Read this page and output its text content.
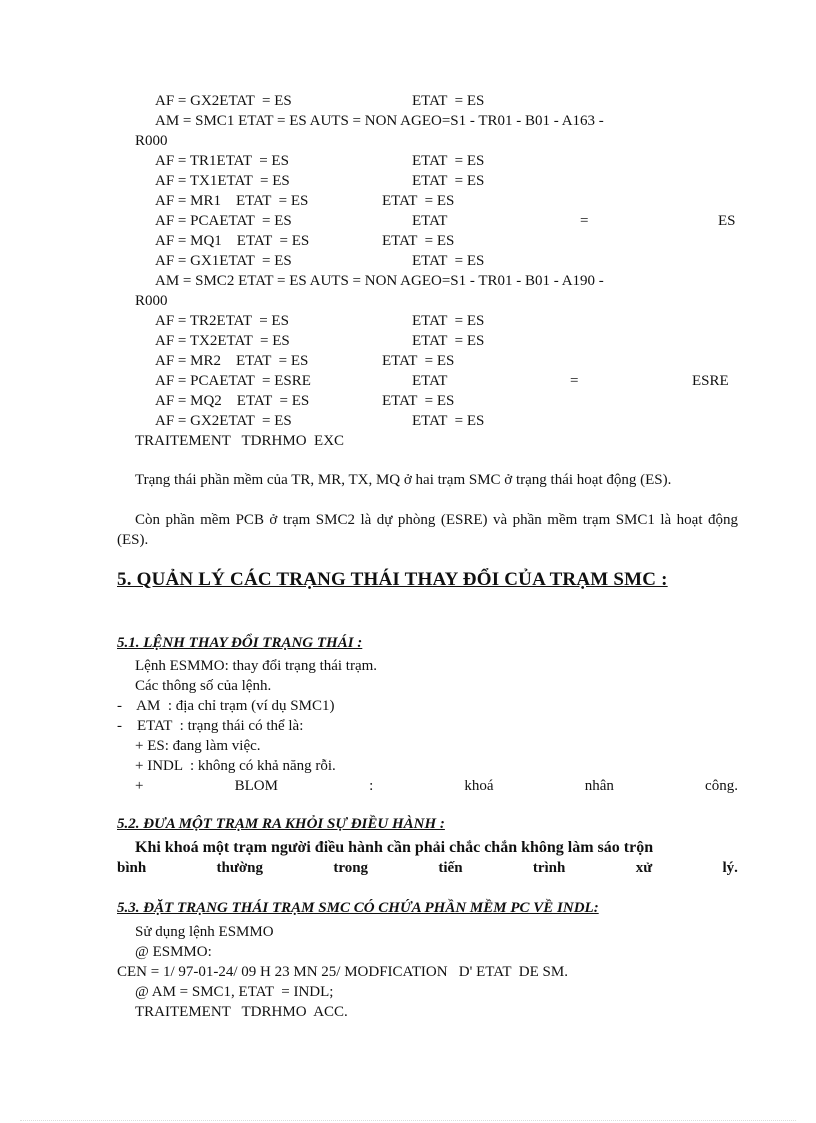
AF = GX2ETAT  = ES	ETAT  = ES
AM = SMC1 ETAT = ES AUTS = NON AGEO=S1 - TR01 - B01 - A163 -
R000
AF = TR1ETAT  = ES	ETAT  = ES
AF = TX1ETAT  = ES	ETAT  = ES
AF = MR1    ETAT  = ES	ETAT  = ES
AF = PCAETAT  = ES	ETAT	=	ES
AF = MQ1    ETAT  = ES	ETAT  = ES
AF = GX1ETAT  = ES	ETAT  = ES
AM = SMC2 ETAT = ES AUTS = NON AGEO=S1 - TR01 - B01 - A190 -
R000
AF = TR2ETAT  = ES	ETAT  = ES
AF = TX2ETAT  = ES	ETAT  = ES
AF = MR2    ETAT  = ES	ETAT  = ES
AF = PCAETAT  = ESRE	ETAT	=	ESRE
AF = MQ2    ETAT  = ES	ETAT  = ES
AF = GX2ETAT  = ES	ETAT  = ES
TRAITEMENT   TDRHMO  EXC
Trạng thái phần mềm của TR, MR, TX, MQ ở hai trạm SMC ở trạng thái hoạt động (ES).
Còn phần mềm PCB ở trạm SMC2 là dự phòng (ESRE) và phần mềm trạm SMC1 là hoạt động (ES).
5. QUẢN LÝ CÁC TRẠNG THÁI THAY ĐỔI CỦA TRẠM SMC :
5.1. LỆNH THAY ĐỔI TRẠNG THÁI :
Lệnh ESMMO: thay đổi trạng thái trạm.
Các thông số của lệnh.
-    AM  : địa chỉ trạm (ví dụ SMC1)
-    ETAT  : trạng thái có thể là:
+ ES: đang làm việc.
+ INDL  : không có khả năng rỗi.
+	BLOM	:	khoá	nhân	công.
5.2. ĐƯA MỘT TRẠM RA KHỎI SỰ ĐIỀU HÀNH :
Khi khoá một trạm người điều hành cần phải chắc chắn không làm sáo trộn
bình	thường	trong	tiến	trình	xử	lý.
5.3. ĐẶT TRẠNG THÁI TRẠM SMC CÓ CHỨA PHẦN MỀM PC VỀ INDL:
Sử dụng lệnh ESMMO
@ ESMMO:
CEN = 1/ 97-01-24/ 09 H 23 MN 25/ MODFICATION   D' ETAT  DE SM.
@ AM = SMC1, ETAT  = INDL;
TRAITEMENT   TDRHMO  ACC.
